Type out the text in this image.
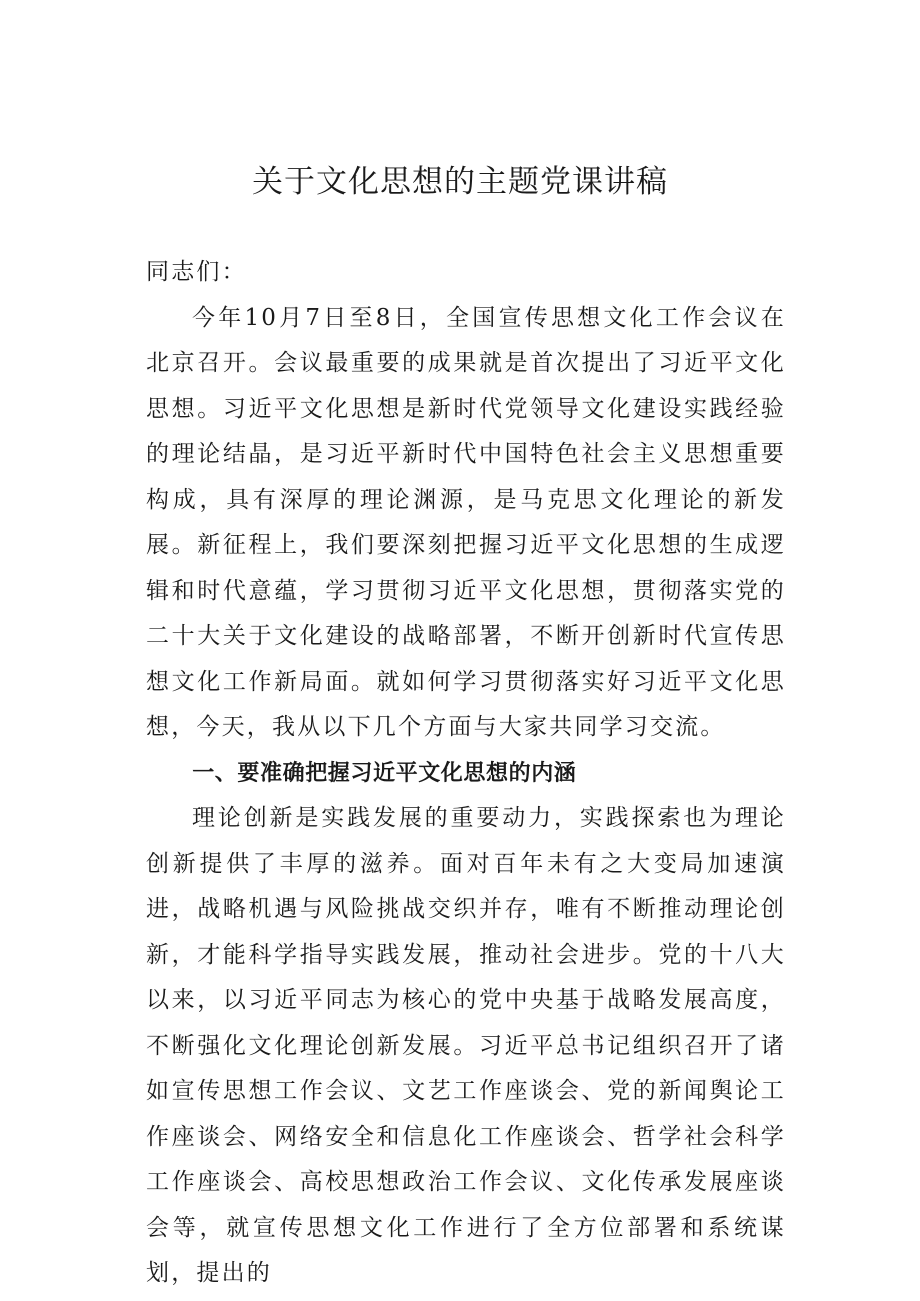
关于文化思想的主题党课讲稿

同志们：

今年10月7日至8日，全国宣传思想文化工作会议在北京召开。会议最重要的成果就是首次提出了习近平文化思想。习近平文化思想是新时代党领导文化建设实践经验的理论结晶，是习近平新时代中国特色社会主义思想重要构成，具有深厚的理论渊源，是马克思文化理论的新发展。新征程上，我们要深刻把握习近平文化思想的生成逻辑和时代意蕴，学习贯彻习近平文化思想，贯彻落实党的二十大关于文化建设的战略部署，不断开创新时代宣传思想文化工作新局面。就如何学习贯彻落实好习近平文化思想，今天，我从以下几个方面与大家共同学习交流。

一、要准确把握习近平文化思想的内涵

理论创新是实践发展的重要动力，实践探索也为理论创新提供了丰厚的滋养。面对百年未有之大变局加速演进，战略机遇与风险挑战交织并存，唯有不断推动理论创新，才能科学指导实践发展，推动社会进步。党的十八大以来，以习近平同志为核心的党中央基于战略发展高度，不断强化文化理论创新发展。习近平总书记组织召开了诸如宣传思想工作会议、文艺工作座谈会、党的新闻舆论工作座谈会、网络安全和信息化工作座谈会、哲学社会科学工作座谈会、高校思想政治工作会议、文化传承发展座谈会等，就宣传思想文化工作进行了全方位部署和系统谋划，提出的
